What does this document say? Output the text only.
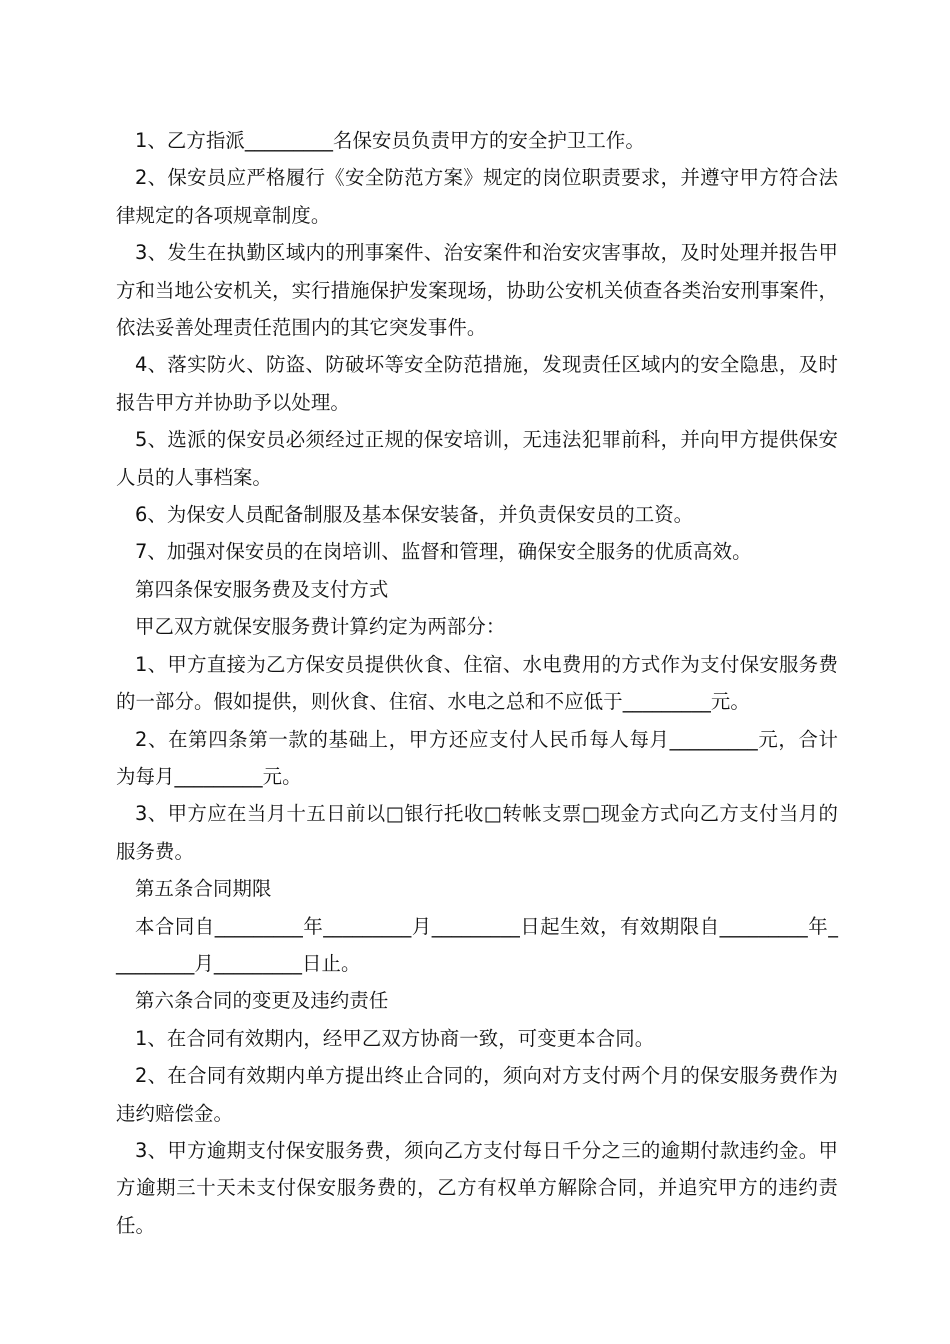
1、乙方指派_________名保安员负责甲方的安全护卫工作。

2、保安员应严格履行《安全防范方案》规定的岗位职责要求，并遵守甲方符合法律规定的各项规章制度。

3、发生在执勤区域内的刑事案件、治安案件和治安灾害事故，及时处理并报告甲方和当地公安机关，实行措施保护发案现场，协助公安机关侦查各类治安刑事案件，依法妥善处理责任范围内的其它突发事件。

4、落实防火、防盗、防破坏等安全防范措施，发现责任区域内的安全隐患，及时报告甲方并协助予以处理。

5、选派的保安员必须经过正规的保安培训，无违法犯罪前科，并向甲方提供保安人员的人事档案。

6、为保安人员配备制服及基本保安装备，并负责保安员的工资。

7、加强对保安员的在岗培训、监督和管理，确保安全服务的优质高效。

第四条保安服务费及支付方式

甲乙双方就保安服务费计算约定为两部分：

1、甲方直接为乙方保安员提供伙食、住宿、水电费用的方式作为支付保安服务费的一部分。假如提供，则伙食、住宿、水电之总和不应低于_________元。

2、在第四条第一款的基础上，甲方还应支付人民币每人每月_________元，合计为每月_________元。

3、甲方应在当月十五日前以□银行托收□转帐支票□现金方式向乙方支付当月的服务费。

第五条合同期限

本合同自_________年_________月_________日起生效，有效期限自_________年_________月_________日止。

第六条合同的变更及违约责任

1、在合同有效期内，经甲乙双方协商一致，可变更本合同。

2、在合同有效期内单方提出终止合同的，须向对方支付两个月的保安服务费作为违约赔偿金。

3、甲方逾期支付保安服务费，须向乙方支付每日千分之三的逾期付款违约金。甲方逾期三十天未支付保安服务费的，乙方有权单方解除合同，并追究甲方的违约责任。
